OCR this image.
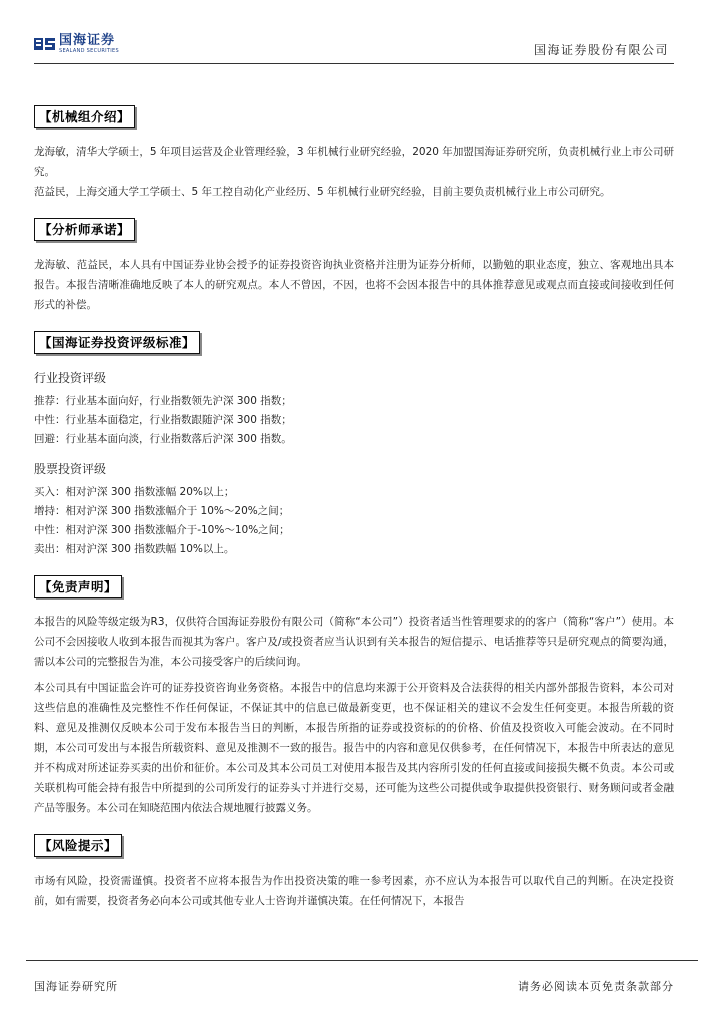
国海证券
SEALAND SECURITIES	国海证券股份有限公司
【机械组介绍】

龙海敏，清华大学硕士，5 年项目运营及企业管理经验，3 年机械行业研究经验，2020 年加盟国海证券研究所，负责机械行业上市公司研究。

范益民，上海交通大学工学硕士、5 年工控自动化产业经历、5 年机械行业研究经验，目前主要负责机械行业上市公司研究。

【分析师承诺】

龙海敏、范益民，本人具有中国证券业协会授予的证券投资咨询执业资格并注册为证券分析师，以勤勉的职业态度，独立、客观地出具本报告。本报告清晰准确地反映了本人的研究观点。本人不曾因，不因，也将不会因本报告中的具体推荐意见或观点而直接或间接收到任何形式的补偿。

【国海证券投资评级标准】

行业投资评级

推荐：行业基本面向好，行业指数领先沪深 300 指数；

中性：行业基本面稳定，行业指数跟随沪深 300 指数；

回避：行业基本面向淡，行业指数落后沪深 300 指数。

股票投资评级

买入：相对沪深 300 指数涨幅 20%以上；

增持：相对沪深 300 指数涨幅介于 10%～20%之间；

中性：相对沪深 300 指数涨幅介于-10%～10%之间；

卖出：相对沪深 300 指数跌幅 10%以上。

【免责声明】

本报告的风险等级定级为R3，仅供符合国海证券股份有限公司（简称“本公司”）投资者适当性管理要求的的客户（简称“客户”）使用。本公司不会因接收人收到本报告而视其为客户。客户及/或投资者应当认识到有关本报告的短信提示、电话推荐等只是研究观点的简要沟通，需以本公司的完整报告为准，本公司接受客户的后续问询。

本公司具有中国证监会许可的证券投资咨询业务资格。本报告中的信息均来源于公开资料及合法获得的相关内部外部报告资料，本公司对这些信息的准确性及完整性不作任何保证，不保证其中的信息已做最新变更，也不保证相关的建议不会发生任何变更。本报告所载的资料、意见及推测仅反映本公司于发布本报告当日的判断，本报告所指的证券或投资标的的价格、价值及投资收入可能会波动。在不同时期，本公司可发出与本报告所载资料、意见及推测不一致的报告。报告中的内容和意见仅供参考，在任何情况下，本报告中所表达的意见并不构成对所述证券买卖的出价和征价。本公司及其本公司员工对使用本报告及其内容所引发的任何直接或间接损失概不负责。本公司或关联机构可能会持有报告中所提到的公司所发行的证券头寸并进行交易，还可能为这些公司提供或争取提供投资银行、财务顾问或者金融产品等服务。本公司在知晓范围内依法合规地履行披露义务。

【风险提示】

市场有风险，投资需谨慎。投资者不应将本报告为作出投资决策的唯一参考因素，亦不应认为本报告可以取代自己的判断。在决定投资前，如有需要，投资者务必向本公司或其他专业人士咨询并谨慎决策。在任何情况下，本报告

国海证券研究所	请务必阅读本页免责条款部分
